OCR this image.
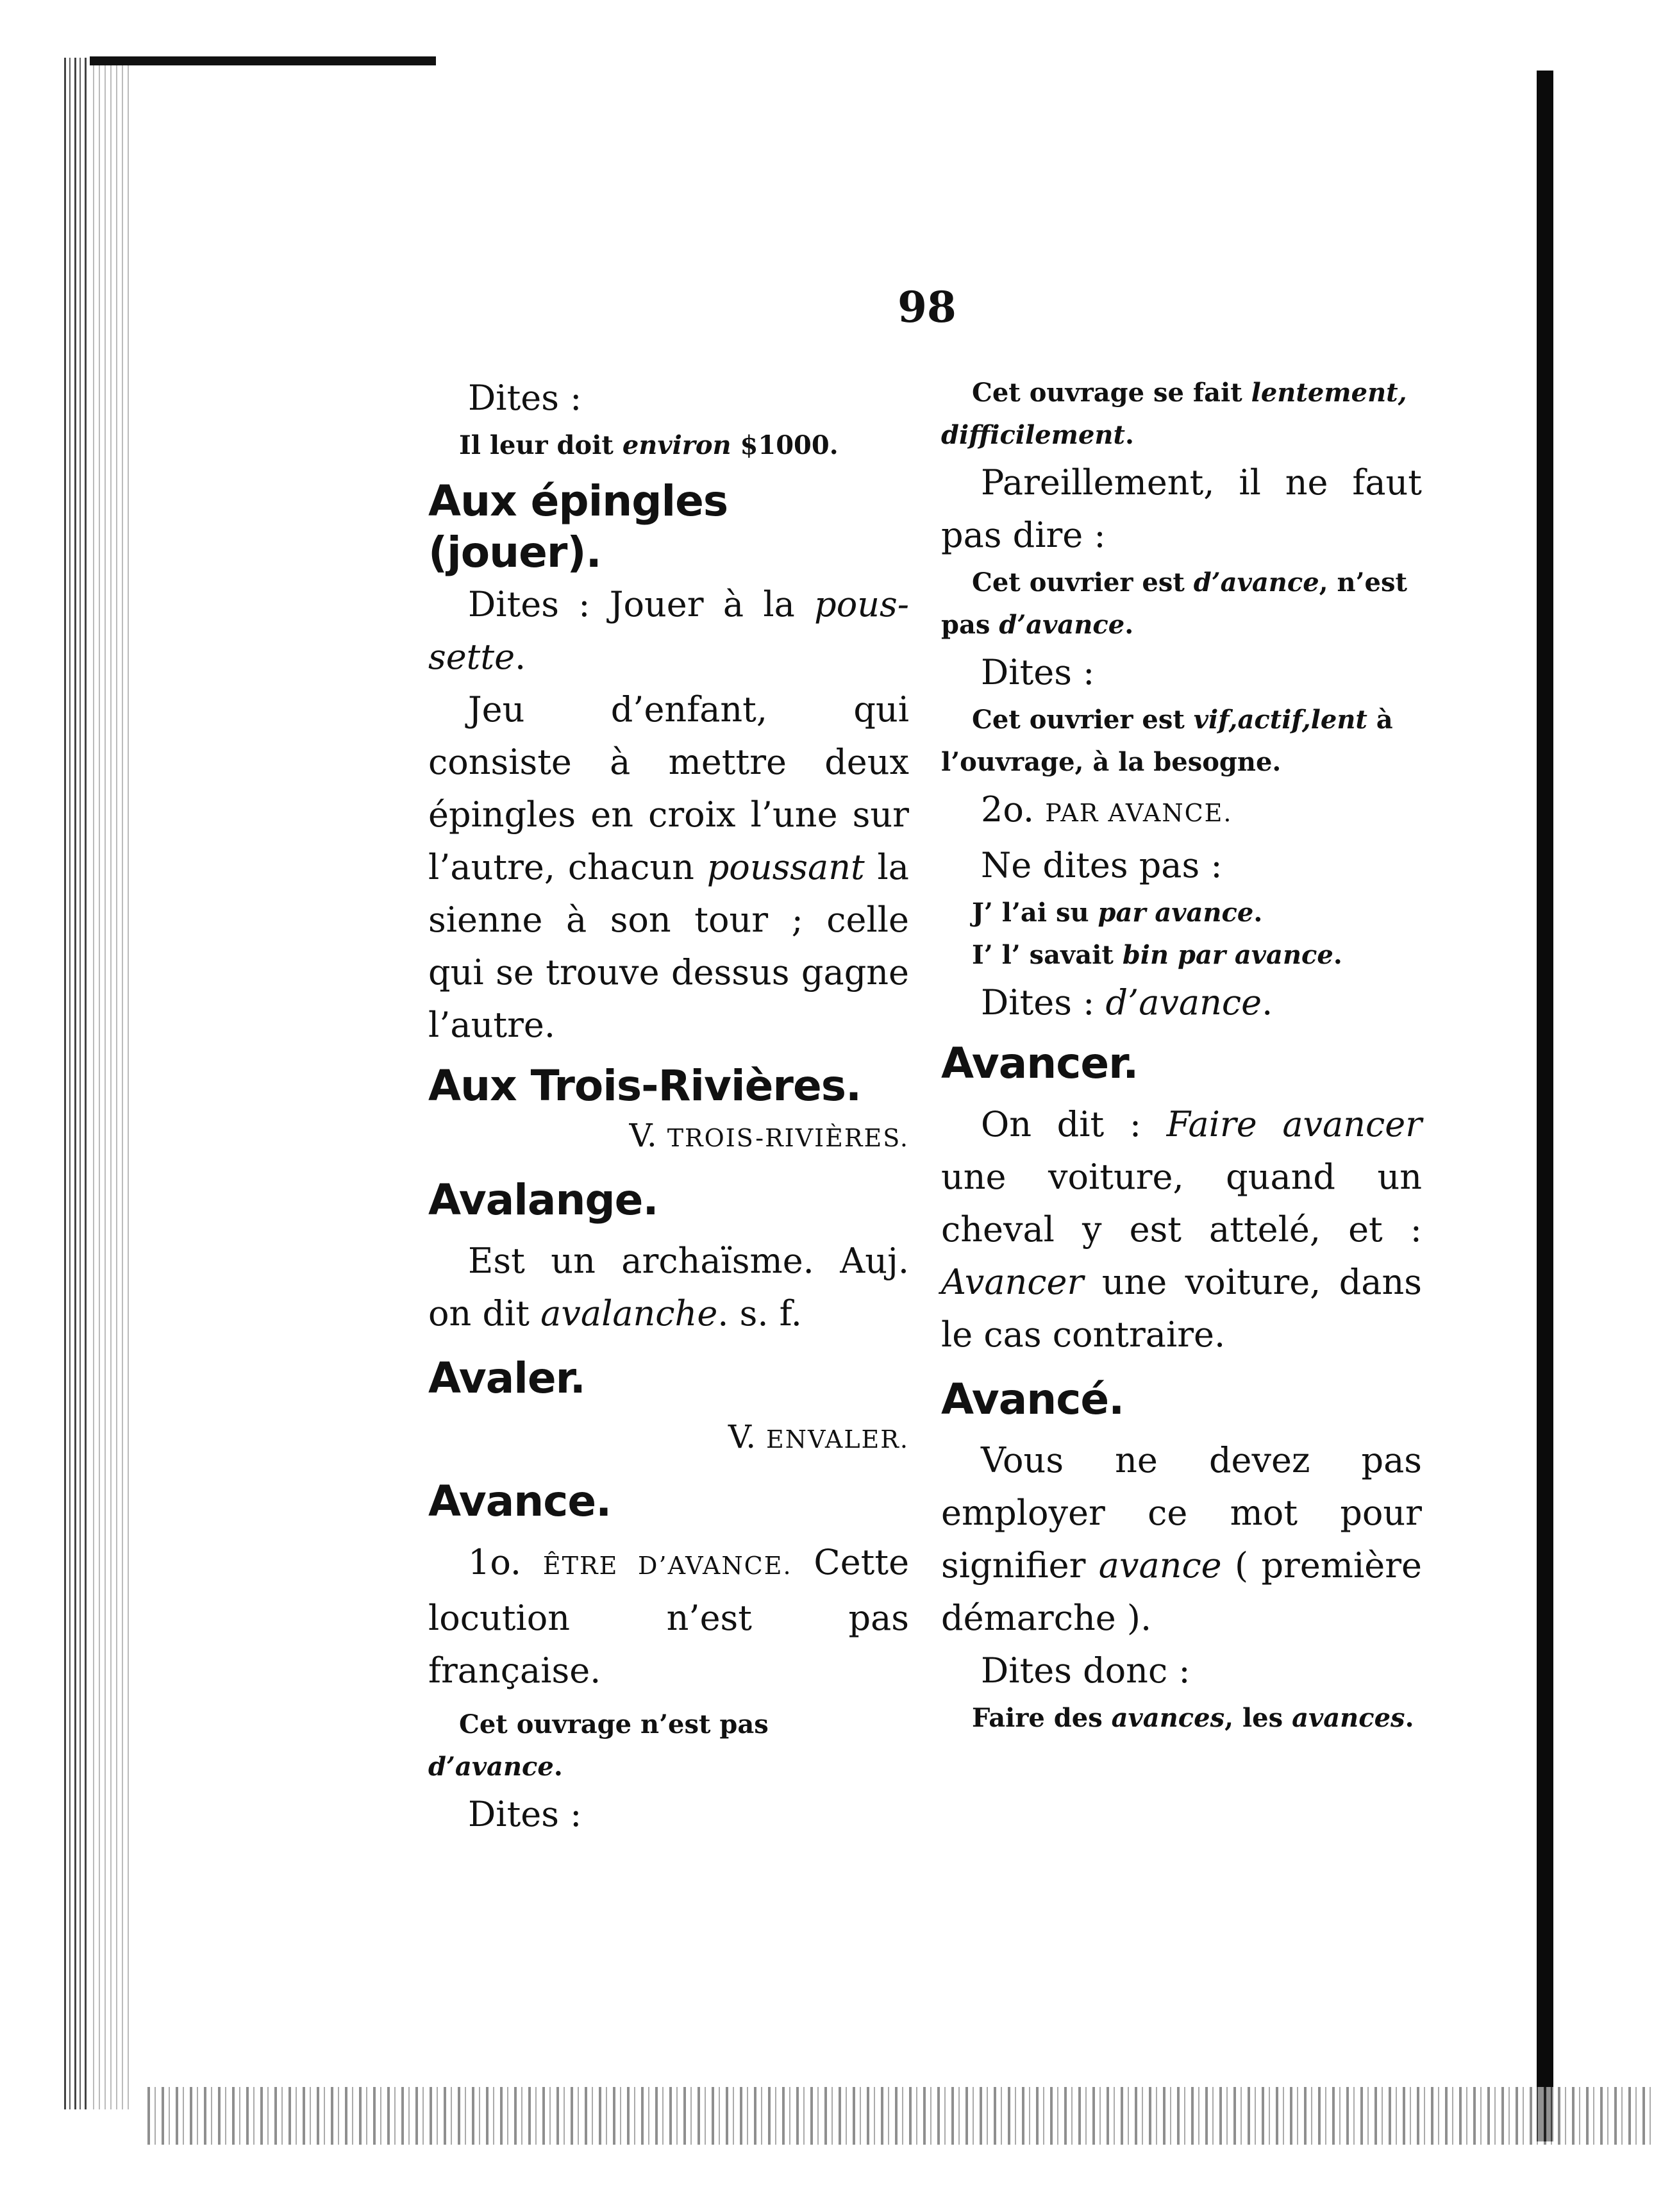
98

Dites :

Il leur doit environ $1000.

Aux épingles (jouer).

Dites : Jouer à la pous-sette.

Jeu d’enfant, qui consiste à mettre deux épingles en croix l’une sur l’autre, chacun poussant la sienne à son tour ; celle qui se trouve dessus gagne l’autre.

Aux Trois-Rivières.

V. TROIS-RIVIÈRES.

Avalange.

Est un archaïsme. Auj. on dit avalanche. s. f.

Avaler.

V. ENVALER.

Avance.

1o. ÊTRE D’AVANCE. Cette locution n’est pas française.

Cet ouvrage n’est pas d’avance.

Dites :

Cet ouvrage se fait lentement, difficilement.

Pareillement, il ne faut pas dire :

Cet ouvrier est d’avance, n’est pas d’avance.

Dites :

Cet ouvrier est vif,actif,lent à l’ouvrage, à la besogne.

2o. PAR AVANCE.

Ne dites pas :

J’ l’ai su par avance.

I’ l’ savait bin par avance.

Dites : d’avance.

Avancer.

On dit : Faire avancer une voiture, quand un cheval y est attelé, et : Avancer une voiture, dans le cas contraire.

Avancé.

Vous ne devez pas employer ce mot pour signifier avance ( première démarche ).

Dites donc :

Faire des avances, les avances.
